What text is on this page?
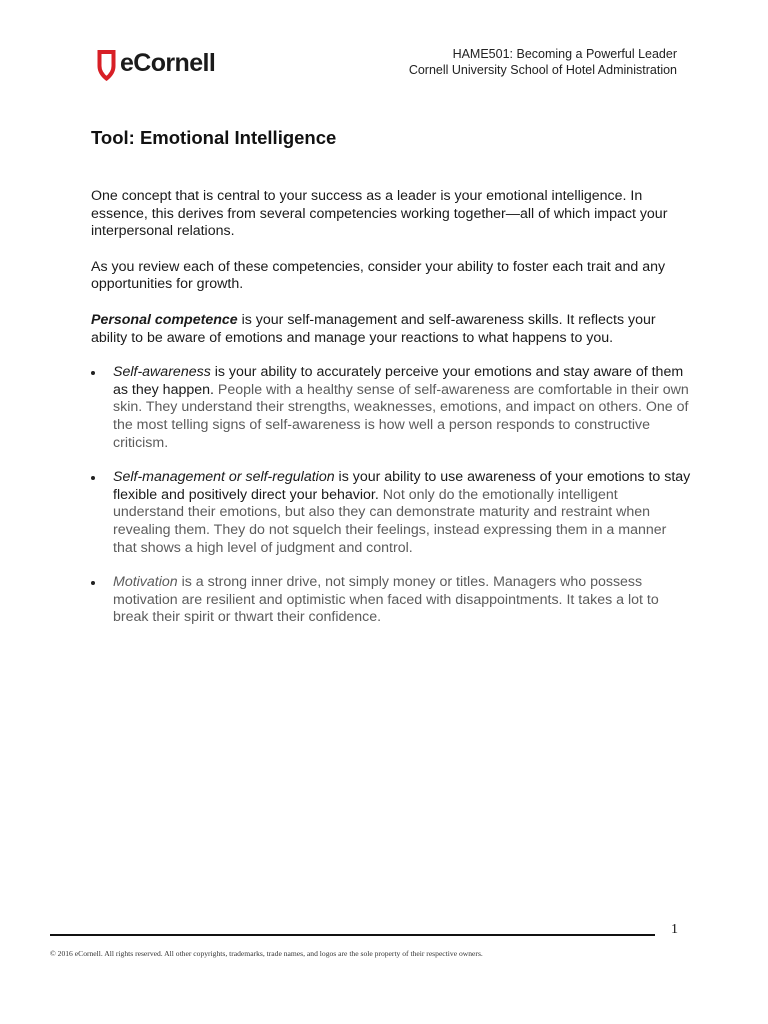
eCornell	HAME501: Becoming a Powerful Leader
Cornell University School of Hotel Administration
Tool: Emotional Intelligence

One concept that is central to your success as a leader is your emotional intelligence. In essence, this derives from several competencies working together—all of which impact your interpersonal relations.

As you review each of these competencies, consider your ability to foster each trait and any opportunities for growth.

Personal competence is your self-management and self-awareness skills. It reflects your ability to be aware of emotions and manage your reactions to what happens to you.

Self-awareness is your ability to accurately perceive your emotions and stay aware of them as they happen. People with a healthy sense of self-awareness are comfortable in their own skin. They understand their strengths, weaknesses, emotions, and impact on others. One of the most telling signs of self-awareness is how well a person responds to constructive criticism.
Self-management or self-regulation is your ability to use awareness of your emotions to stay flexible and positively direct your behavior. Not only do the emotionally intelligent understand their emotions, but also they can demonstrate maturity and restraint when revealing them. They do not squelch their feelings, instead expressing them in a manner that shows a high level of judgment and control.
Motivation is a strong inner drive, not simply money or titles. Managers who possess motivation are resilient and optimistic when faced with disappointments. It takes a lot to break their spirit or thwart their confidence.
1
© 2016 eCornell. All rights reserved. All other copyrights, trademarks, trade names, and logos are the sole property of their respective owners.
